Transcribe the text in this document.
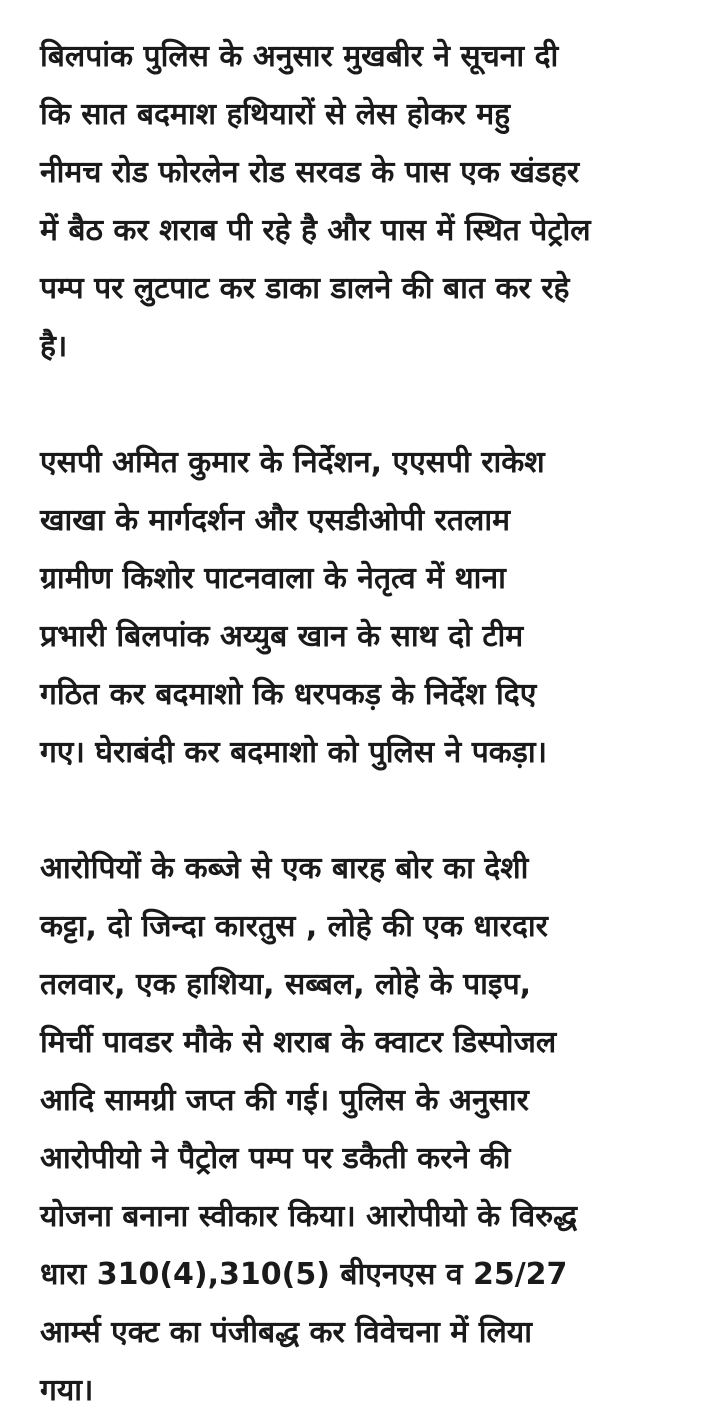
बिलपांक पुलिस के अनुसार मुखबीर ने सूचना दी
कि सात बदमाश हथियारों से लेस होकर महु
नीमच रोड फोरलेन रोड सरवड के पास एक खंडहर
में बैठ कर शराब पी रहे है और पास में स्थित पेट्रोल
पम्प पर लुटपाट कर डाका डालने की बात कर रहे
है।

एसपी अमित कुमार के निर्देशन, एएसपी राकेश
खाखा के मार्गदर्शन और एसडीओपी रतलाम
ग्रामीण किशोर पाटनवाला के नेतृत्व में थाना
प्रभारी बिलपांक अय्युब खान के साथ दो टीम
गठित कर बदमाशो कि धरपकड़ के निर्देश दिए
गए। घेराबंदी कर बदमाशो को पुलिस ने पकड़ा।

आरोपियों के कब्जे से एक बारह बोर का देशी
कट्टा, दो जिन्दा कारतुस , लोहे की एक धारदार
तलवार, एक हाशिया, सब्बल, लोहे के पाइप,
मिर्ची पावडर मौके से शराब के क्वाटर डिस्पोजल
आदि सामग्री जप्त की गई। पुलिस के अनुसार
आरोपीयो ने पैट्रोल पम्प पर डकैती करने की
योजना बनाना स्वीकार किया। आरोपीयो के विरुद्ध
धारा 310(4),310(5) बीएनएस व 25/27
आर्म्स एक्ट का पंजीबद्ध कर विवेचना में लिया
गया।
